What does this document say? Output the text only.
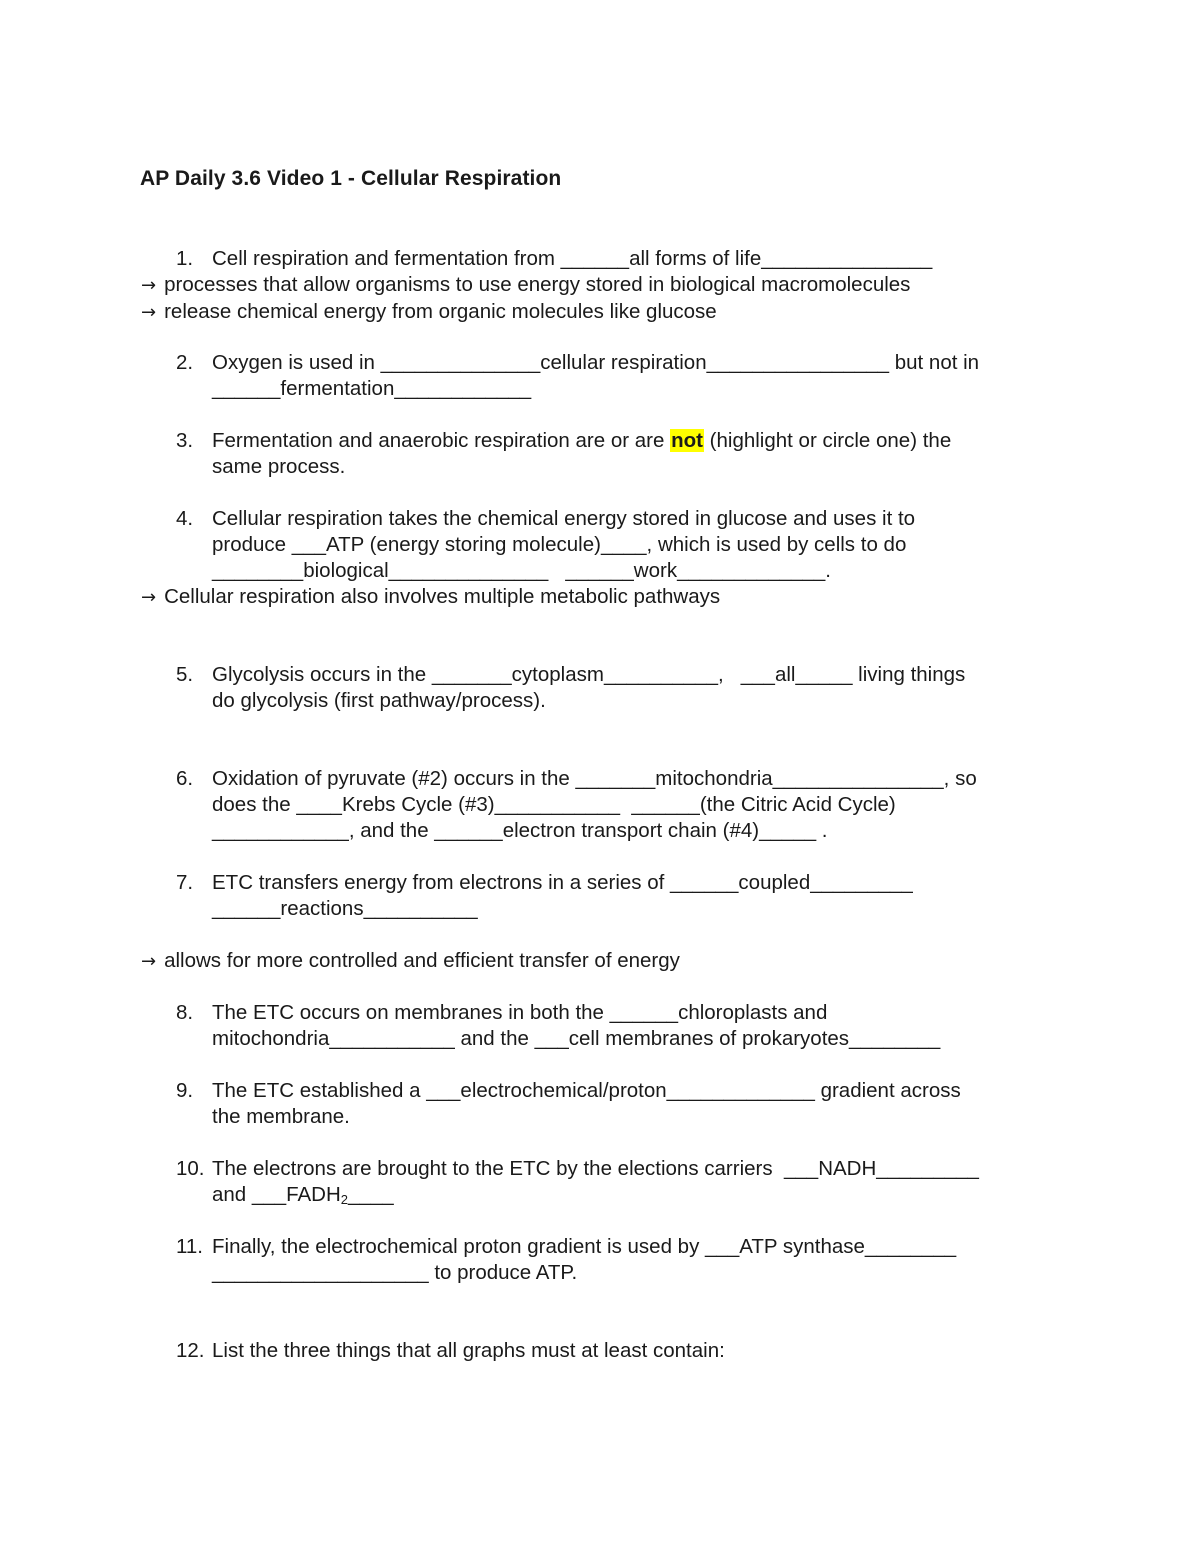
AP Daily 3.6 Video 1 - Cellular Respiration
1. Cell respiration and fermentation from ______all forms of life_______________
→ processes that allow organisms to use energy stored in biological macromolecules
→ release chemical energy from organic molecules like glucose
2. Oxygen is used in ______________cellular respiration________________ but not in
______fermentation____________
3. Fermentation and anaerobic respiration are or are not (highlight or circle one) the
same process.
4. Cellular respiration takes the chemical energy stored in glucose and uses it to
produce ___ATP (energy storing molecule)____, which is used by cells to do
________biological______________   ______work_____________.
→ Cellular respiration also involves multiple metabolic pathways
5. Glycolysis occurs in the _______cytoplasm__________,   ___all_____ living things
do glycolysis (first pathway/process).
6. Oxidation of pyruvate (#2) occurs in the _______mitochondria_______________, so
does the ____Krebs Cycle (#3)___________  ______(the Citric Acid Cycle)
____________, and the ______electron transport chain (#4)_____ .
7. ETC transfers energy from electrons in a series of ______coupled_________
______reactions__________
→ allows for more controlled and efficient transfer of energy
8. The ETC occurs on membranes in both the ______chloroplasts and
mitochondria___________ and the ___cell membranes of prokaryotes________
9. The ETC established a ___electrochemical/proton_____________ gradient across
the membrane.
10. The electrons are brought to the ETC by the elections carriers  ___NADH_________
and $\_\_\_FADH_2\_\_\_\_$
11. Finally, the electrochemical proton gradient is used by ___ATP synthase________
___________________ to produce ATP.
12. List the three things that all graphs must at least contain:
